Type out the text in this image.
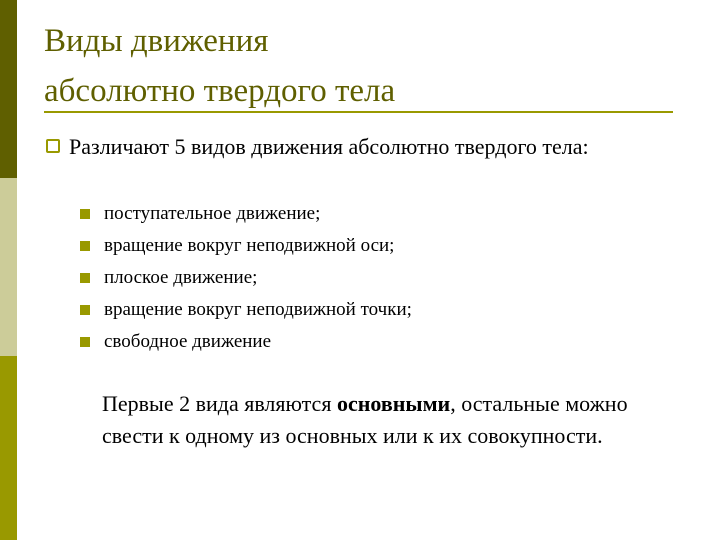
Виды движения
абсолютно твердого тела
Различают 5 видов движения абсолютно твердого тела:
поступательное движение;
вращение вокруг неподвижной оси;
плоское движение;
вращение вокруг неподвижной точки;
свободное движение

Первые 2 вида являются основными, остальные можно свести к одному из основных или к их совокупности.
